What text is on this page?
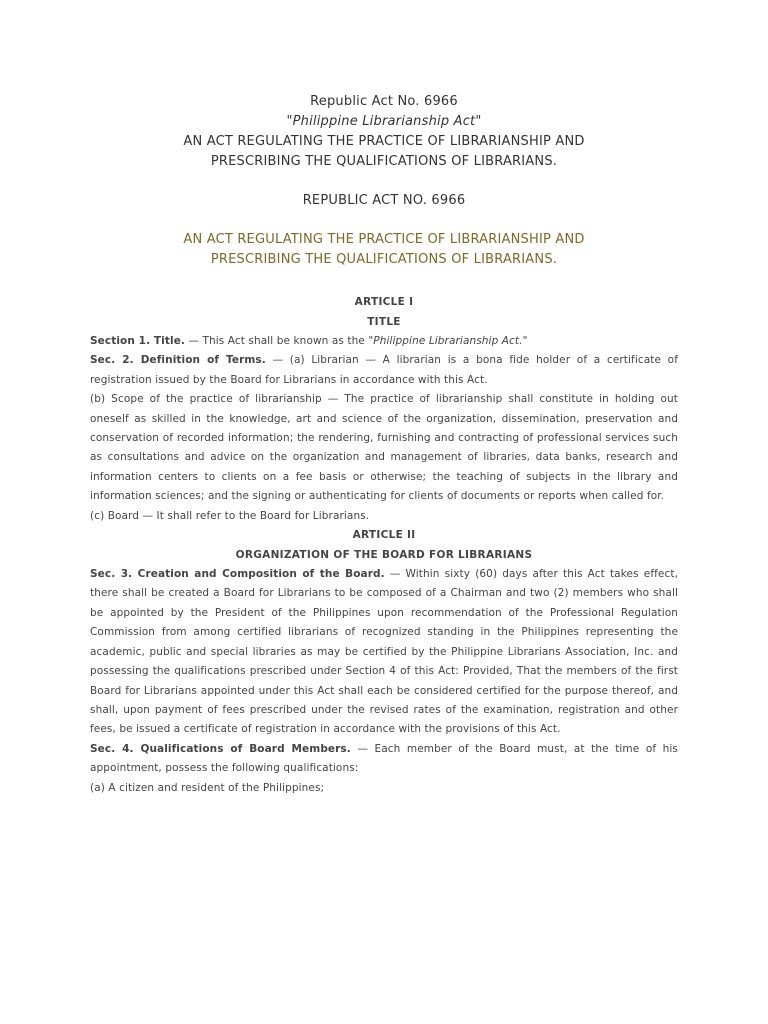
Republic Act No. 6966
"Philippine Librarianship Act"
AN ACT REGULATING THE PRACTICE OF LIBRARIANSHIP AND
PRESCRIBING THE QUALIFICATIONS OF LIBRARIANS.
REPUBLIC ACT NO. 6966
AN ACT REGULATING THE PRACTICE OF LIBRARIANSHIP AND
PRESCRIBING THE QUALIFICATIONS OF LIBRARIANS.
ARTICLE I
TITLE

Section 1. Title. — This Act shall be known as the "Philippine Librarianship Act."

Sec. 2. Definition of Terms. — (a) Librarian — A librarian is a bona fide holder of a certificate of registration issued by the Board for Librarians in accordance with this Act.

(b) Scope of the practice of librarianship — The practice of librarianship shall constitute in holding out oneself as skilled in the knowledge, art and science of the organization, dissemination, preservation and conservation of recorded information; the rendering, furnishing and contracting of professional services such as consultations and advice on the organization and management of libraries, data banks, research and information centers to clients on a fee basis or otherwise; the teaching of subjects in the library and information sciences; and the signing or authenticating for clients of documents or reports when called for.

(c) Board — It shall refer to the Board for Librarians.

ARTICLE II
ORGANIZATION OF THE BOARD FOR LIBRARIANS

Sec. 3. Creation and Composition of the Board. — Within sixty (60) days after this Act takes effect, there shall be created a Board for Librarians to be composed of a Chairman and two (2) members who shall be appointed by the President of the Philippines upon recommendation of the Professional Regulation Commission from among certified librarians of recognized standing in the Philippines representing the academic, public and special libraries as may be certified by the Philippine Librarians Association, Inc. and possessing the qualifications prescribed under Section 4 of this Act: Provided, That the members of the first Board for Librarians appointed under this Act shall each be considered certified for the purpose thereof, and shall, upon payment of fees prescribed under the revised rates of the examination, registration and other fees, be issued a certificate of registration in accordance with the provisions of this Act.

Sec. 4. Qualifications of Board Members. — Each member of the Board must, at the time of his appointment, possess the following qualifications:

(a) A citizen and resident of the Philippines;
